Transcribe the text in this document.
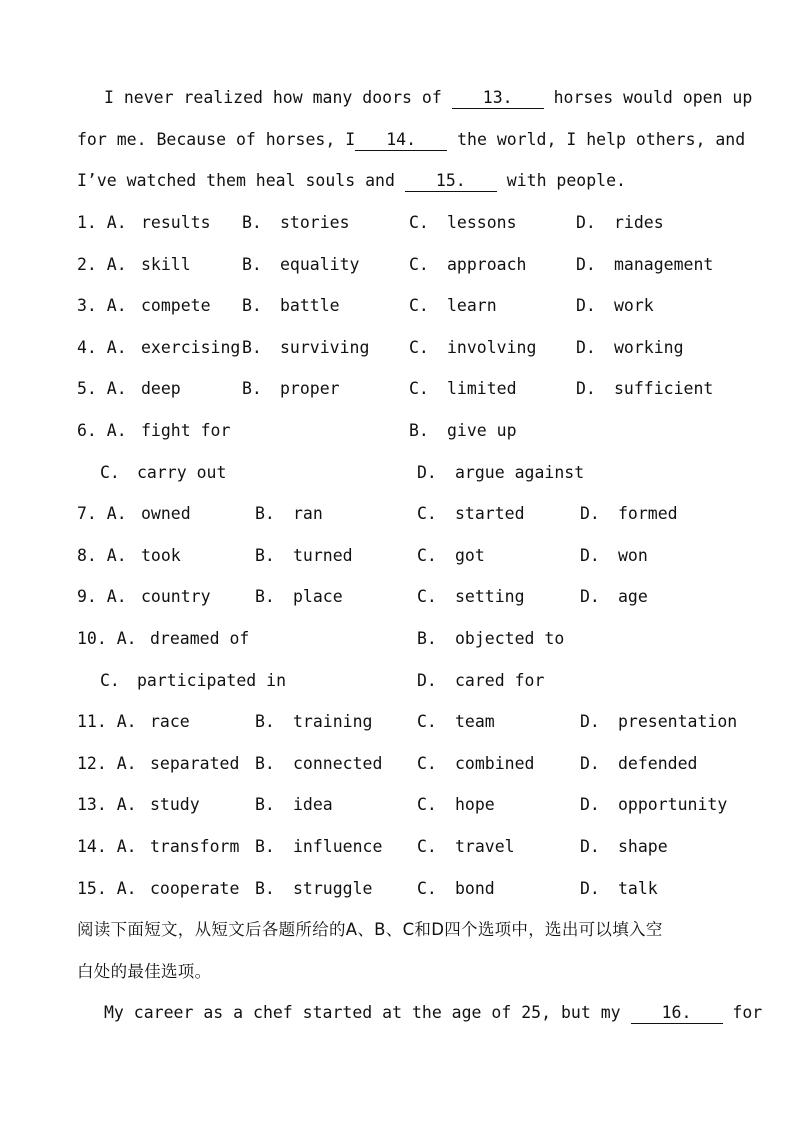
I never realized how many doors of 13. horses would open up
for me. Because of horses, I 14. the world, I help others, and
I’ve watched them heal souls and 15. with people.
1. A. results B. stories	C. lessons	D. rides
2. A. skill	B. equality	C. approach	D. management
3. A. compete B. battle	C. learn	D. work
4. A. exercising B. surviving C. involving D. working
5. A. deep	B. proper	C. limited	D. sufficient
6. A. fight for	B. give up
C. carry out	D. argue against
7. A. owned	B. ran	C. started	D. formed
8. A. took	B. turned	C. got	D. won
9. A. country	B. place	C. setting	D. age
10. A. dreamed of	B. objected to
C. participated in	D. cared for
11. A. race	B. training	C. team	D. presentation
12. A. separated B. connected C. combined	D. defended
13. A. study	B. idea	C. hope	D. opportunity
14. A. transform B. influence C. travel	D. shape
15. A. cooperate B. struggle	C. bond	D. talk
阅读下面短文，从短文后各题所给的A、B、C和D四个选项中，选出可以填入空
白处的最佳选项。
My career as a chef started at the age of 25, but my 16. for
